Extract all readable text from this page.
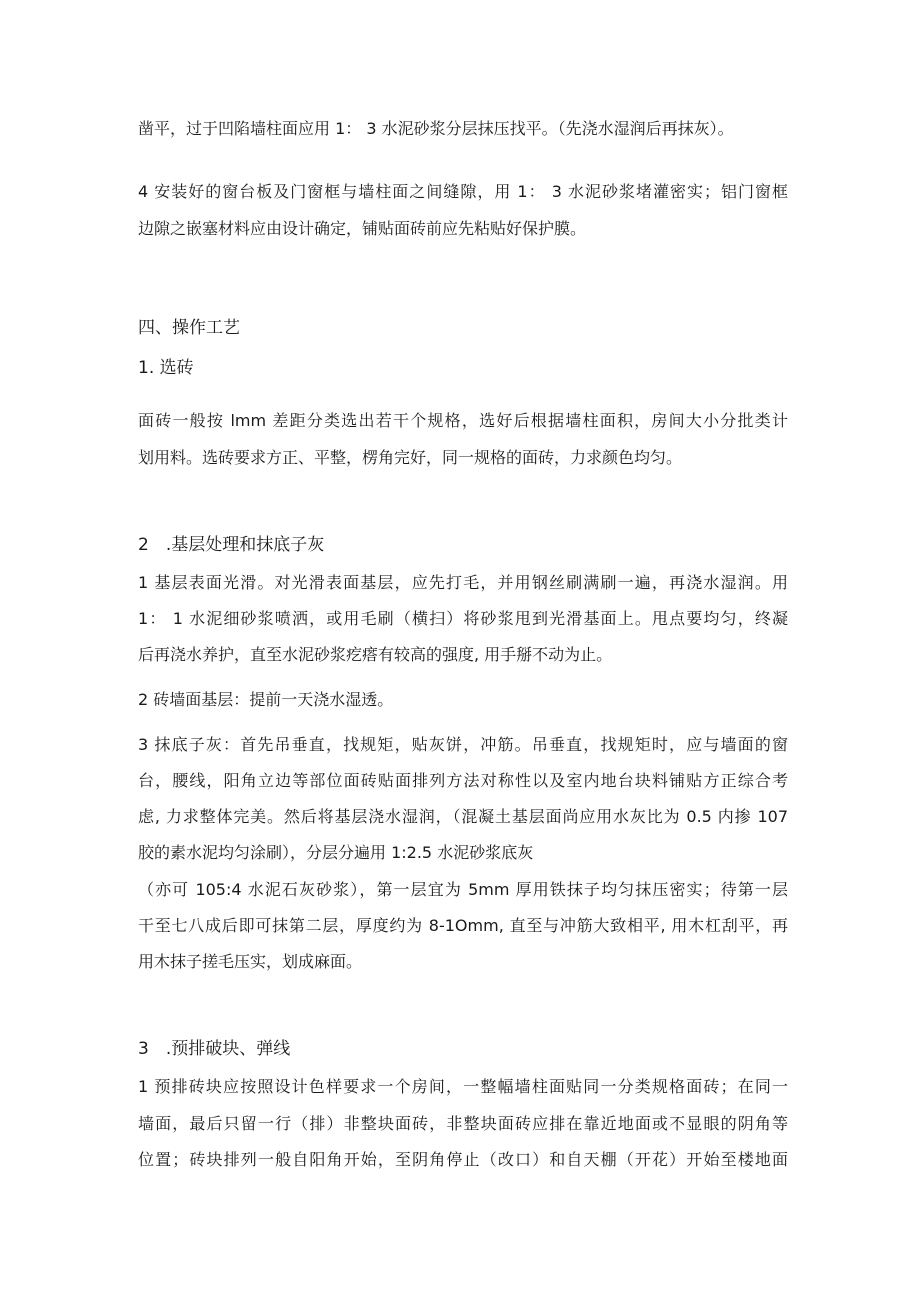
凿平，过于凹陷墙柱面应用 1： 3 水泥砂浆分层抹压找平。（先浇水湿润后再抹灰）。
4 安装好的窗台板及门窗框与墙柱面之间缝隙，用 1： 3 水泥砂浆堵灌密实；铝门窗框
边隙之嵌塞材料应由设计确定，铺贴面砖前应先粘贴好保护膜。
四、操作工艺
1. 选砖
面砖一般按 lmm 差距分类选出若干个规格，选好后根据墙柱面积，房间大小分批类计
划用料。选砖要求方正、平整，楞角完好，同一规格的面砖，力求颜色均匀。
2　.基层处理和抹底子灰
1 基层表面光滑。对光滑表面基层，应先打毛，并用钢丝刷满刷一遍，再浇水湿润。用
1： 1 水泥细砂浆喷洒，或用毛刷（横扫）将砂浆甩到光滑基面上。甩点要均匀，终凝
后再浇水养护，直至水泥砂浆疙瘩有较高的强度, 用手掰不动为止。
2 砖墙面基层：提前一天浇水湿透。
3 抹底子灰：首先吊垂直，找规矩，贴灰饼，冲筋。吊垂直，找规矩时，应与墙面的窗
台，腰线，阳角立边等部位面砖贴面排列方法对称性以及室内地台块料铺贴方正综合考
虑, 力求整体完美。然后将基层浇水湿润，（混凝土基层面尚应用水灰比为 0.5 内掺 107
胶的素水泥均匀涂刷），分层分遍用 1:2.5 水泥砂浆底灰
（亦可 105:4 水泥石灰砂浆），第一层宜为 5mm 厚用铁抹子均匀抹压密实；待第一层
干至七八成后即可抹第二层，厚度约为 8-1Omm, 直至与冲筋大致相平, 用木杠刮平，再
用木抹子搓毛压实，划成麻面。
3　.预排破块、弹线
1 预排砖块应按照设计色样要求一个房间，一整幅墙柱面贴同一分类规格面砖；在同一
墙面，最后只留一行（排）非整块面砖，非整块面砖应排在靠近地面或不显眼的阴角等
位置；砖块排列一般自阳角开始，至阴角停止（改口）和自天棚（开花）开始至楼地面
